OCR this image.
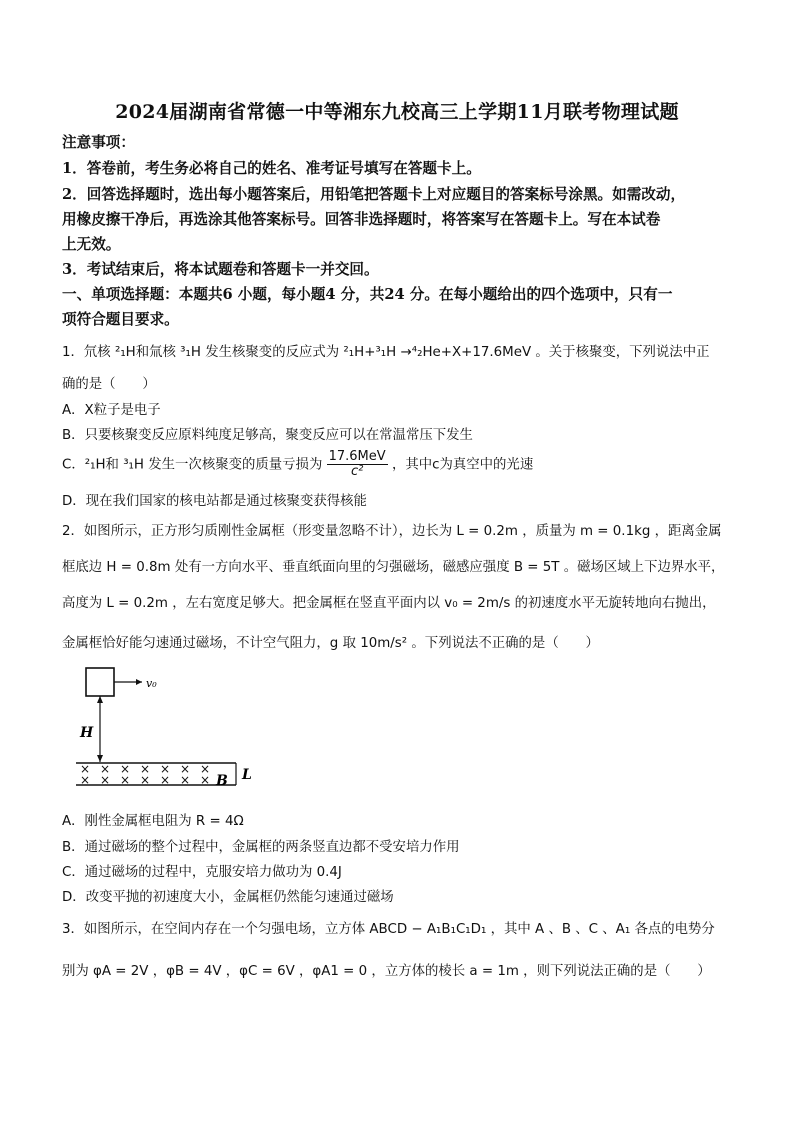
2024届湖南省常德一中等湘东九校高三上学期11月联考物理试题
注意事项：
1．答卷前，考生务必将自己的姓名、准考证号填写在答题卡上。
2．回答选择题时，选出每小题答案后，用铅笔把答题卡上对应题目的答案标号涂黑。如需改动，
用橡皮擦干净后，再选涂其他答案标号。回答非选择题时，将答案写在答题卡上。写在本试卷
上无效。
3．考试结束后，将本试题卷和答题卡一并交回。
一、单项选择题：本题共6 小题，每小题4 分，共24 分。在每小题给出的四个选项中，只有一
项符合题目要求。
1．氘核 ²₁H和氚核 ³₁H 发生核聚变的反应式为 ²₁H+³₁H →⁴₂He+X+17.6MeV 。关于核聚变，下列说法中正
确的是（　　）
A．X粒子是电子
B．只要核聚变反应原料纯度足够高，聚变反应可以在常温常压下发生
C．²₁H和 ³₁H 发生一次核聚变的质量亏损为 $\frac{\text{17.6MeV}}{\text{c²}}$ ，其中c为真空中的光速
D．现在我们国家的核电站都是通过核聚变获得核能
2．如图所示，正方形匀质刚性金属框（形变量忽略不计），边长为 L = 0.2m ，质量为 m = 0.1kg ，距离金属
框底边 H = 0.8m 处有一方向水平、垂直纸面向里的匀强磁场，磁感应强度 B = 5T 。磁场区域上下边界水平，
高度为 L = 0.2m ，左右宽度足够大。把金属框在竖直平面内以 v₀ = 2m/s 的初速度水平无旋转地向右抛出，
金属框恰好能匀速通过磁场，不计空气阻力，g 取 10m/s² 。下列说法不正确的是（　　）
v₀
H
× × × × × × ×
× × × × × × × B L
A．刚性金属框电阻为 R = 4Ω
B．通过磁场的整个过程中，金属框的两条竖直边都不受安培力作用
C．通过磁场的过程中，克服安培力做功为 0.4J
D．改变平抛的初速度大小，金属框仍然能匀速通过磁场
3．如图所示，在空间内存在一个匀强电场，立方体 ABCD − A₁B₁C₁D₁ ，其中 A 、B 、C 、A₁ 各点的电势分
别为 φA = 2V ，φB = 4V ，φC = 6V ，φA1 = 0 ，立方体的棱长 a = 1m ，则下列说法正确的是（　　）
